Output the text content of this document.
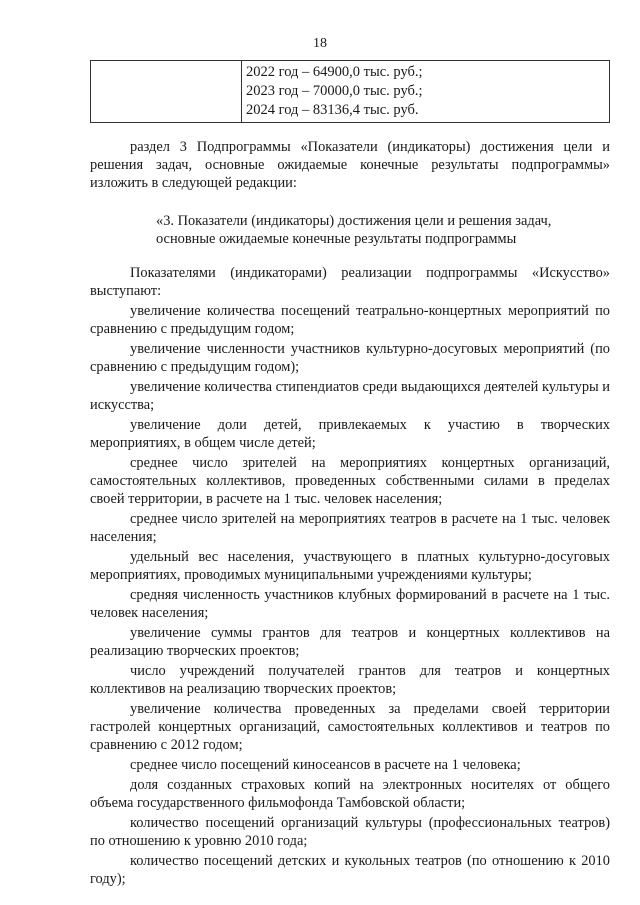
18

2022 год – 64900,0 тыс. руб.;
2023 год – 70000,0 тыс. руб.;
2024 год – 83136,4 тыс. руб.
раздел 3 Подпрограммы «Показатели (индикаторы) достижения цели и решения задач, основные ожидаемые конечные результаты подпрограммы» изложить в следующей редакции:
«3. Показатели (индикаторы) достижения цели и решения задач,
основные ожидаемые конечные результаты подпрограммы

Показателями (индикаторами) реализации подпрограммы «Искусство» выступают:

увеличение количества посещений театрально-концертных мероприятий по сравнению с предыдущим годом;

увеличение численности участников культурно-досуговых мероприятий (по сравнению с предыдущим годом);

увеличение количества стипендиатов среди выдающихся деятелей культуры и искусства;

увеличение доли детей, привлекаемых к участию в творческих мероприятиях, в общем числе детей;

среднее число зрителей на мероприятиях концертных организаций, самостоятельных коллективов, проведенных собственными силами в пределах своей территории, в расчете на 1 тыс. человек населения;

среднее число зрителей на мероприятиях театров в расчете на 1 тыс. человек населения;

удельный вес населения, участвующего в платных культурно-досуговых мероприятиях, проводимых муниципальными учреждениями культуры;

средняя численность участников клубных формирований в расчете на 1 тыс. человек населения;

увеличение суммы грантов для театров и концертных коллективов на реализацию творческих проектов;

число учреждений получателей грантов для театров и концертных коллективов на реализацию творческих проектов;

увеличение количества проведенных за пределами своей территории гастролей концертных организаций, самостоятельных коллективов и театров по сравнению с 2012 годом;

среднее число посещений киносеансов в расчете на 1 человека;

доля созданных страховых копий на электронных носителях от общего объема государственного фильмофонда Тамбовской области;

количество посещений организаций культуры (профессиональных театров) по отношению к уровню 2010 года;

количество посещений детских и кукольных театров (по отношению к 2010 году);
